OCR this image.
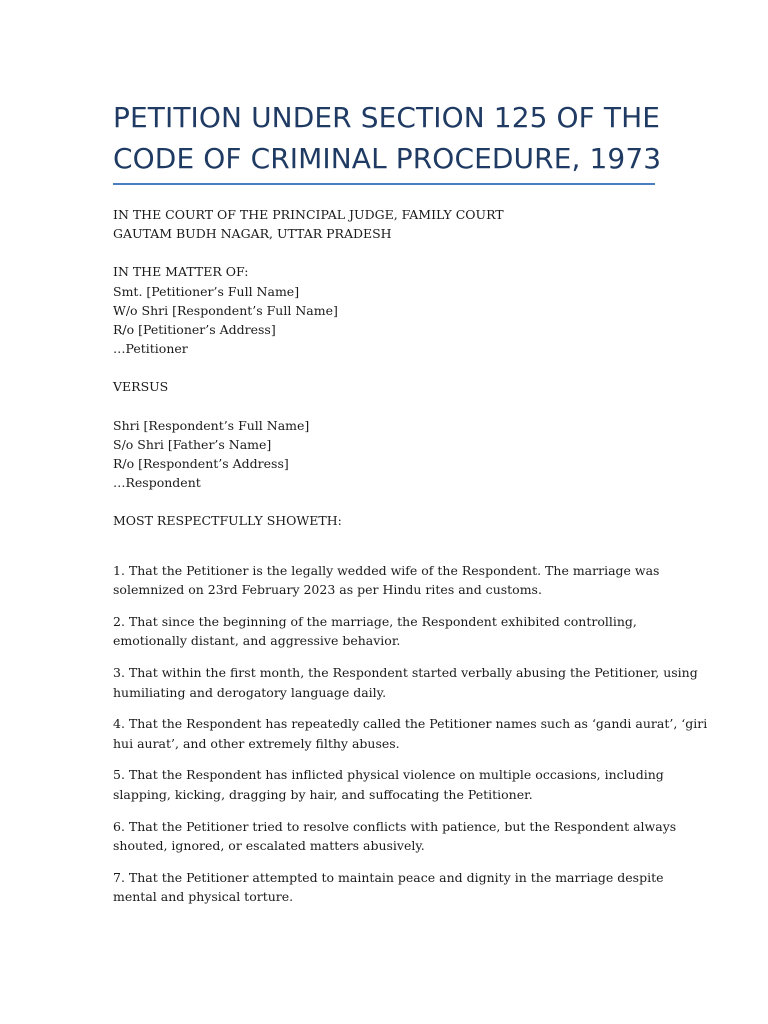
PETITION UNDER SECTION 125 OF THE
CODE OF CRIMINAL PROCEDURE, 1973
IN THE COURT OF THE PRINCIPAL JUDGE, FAMILY COURT
GAUTAM BUDH NAGAR, UTTAR PRADESH
IN THE MATTER OF:
Smt. [Petitioner’s Full Name]
W/o Shri [Respondent’s Full Name]
R/o [Petitioner’s Address]
…Petitioner
VERSUS
Shri [Respondent’s Full Name]
S/o Shri [Father’s Name]
R/o [Respondent’s Address]
…Respondent
MOST RESPECTFULLY SHOWETH:

1. That the Petitioner is the legally wedded wife of the Respondent. The marriage was
solemnized on 23rd February 2023 as per Hindu rites and customs.

2. That since the beginning of the marriage, the Respondent exhibited controlling,
emotionally distant, and aggressive behavior.

3. That within the first month, the Respondent started verbally abusing the Petitioner, using
humiliating and derogatory language daily.

4. That the Respondent has repeatedly called the Petitioner names such as ‘gandi aurat’, ‘giri
hui aurat’, and other extremely filthy abuses.

5. That the Respondent has inflicted physical violence on multiple occasions, including
slapping, kicking, dragging by hair, and suffocating the Petitioner.

6. That the Petitioner tried to resolve conflicts with patience, but the Respondent always
shouted, ignored, or escalated matters abusively.

7. That the Petitioner attempted to maintain peace and dignity in the marriage despite
mental and physical torture.
